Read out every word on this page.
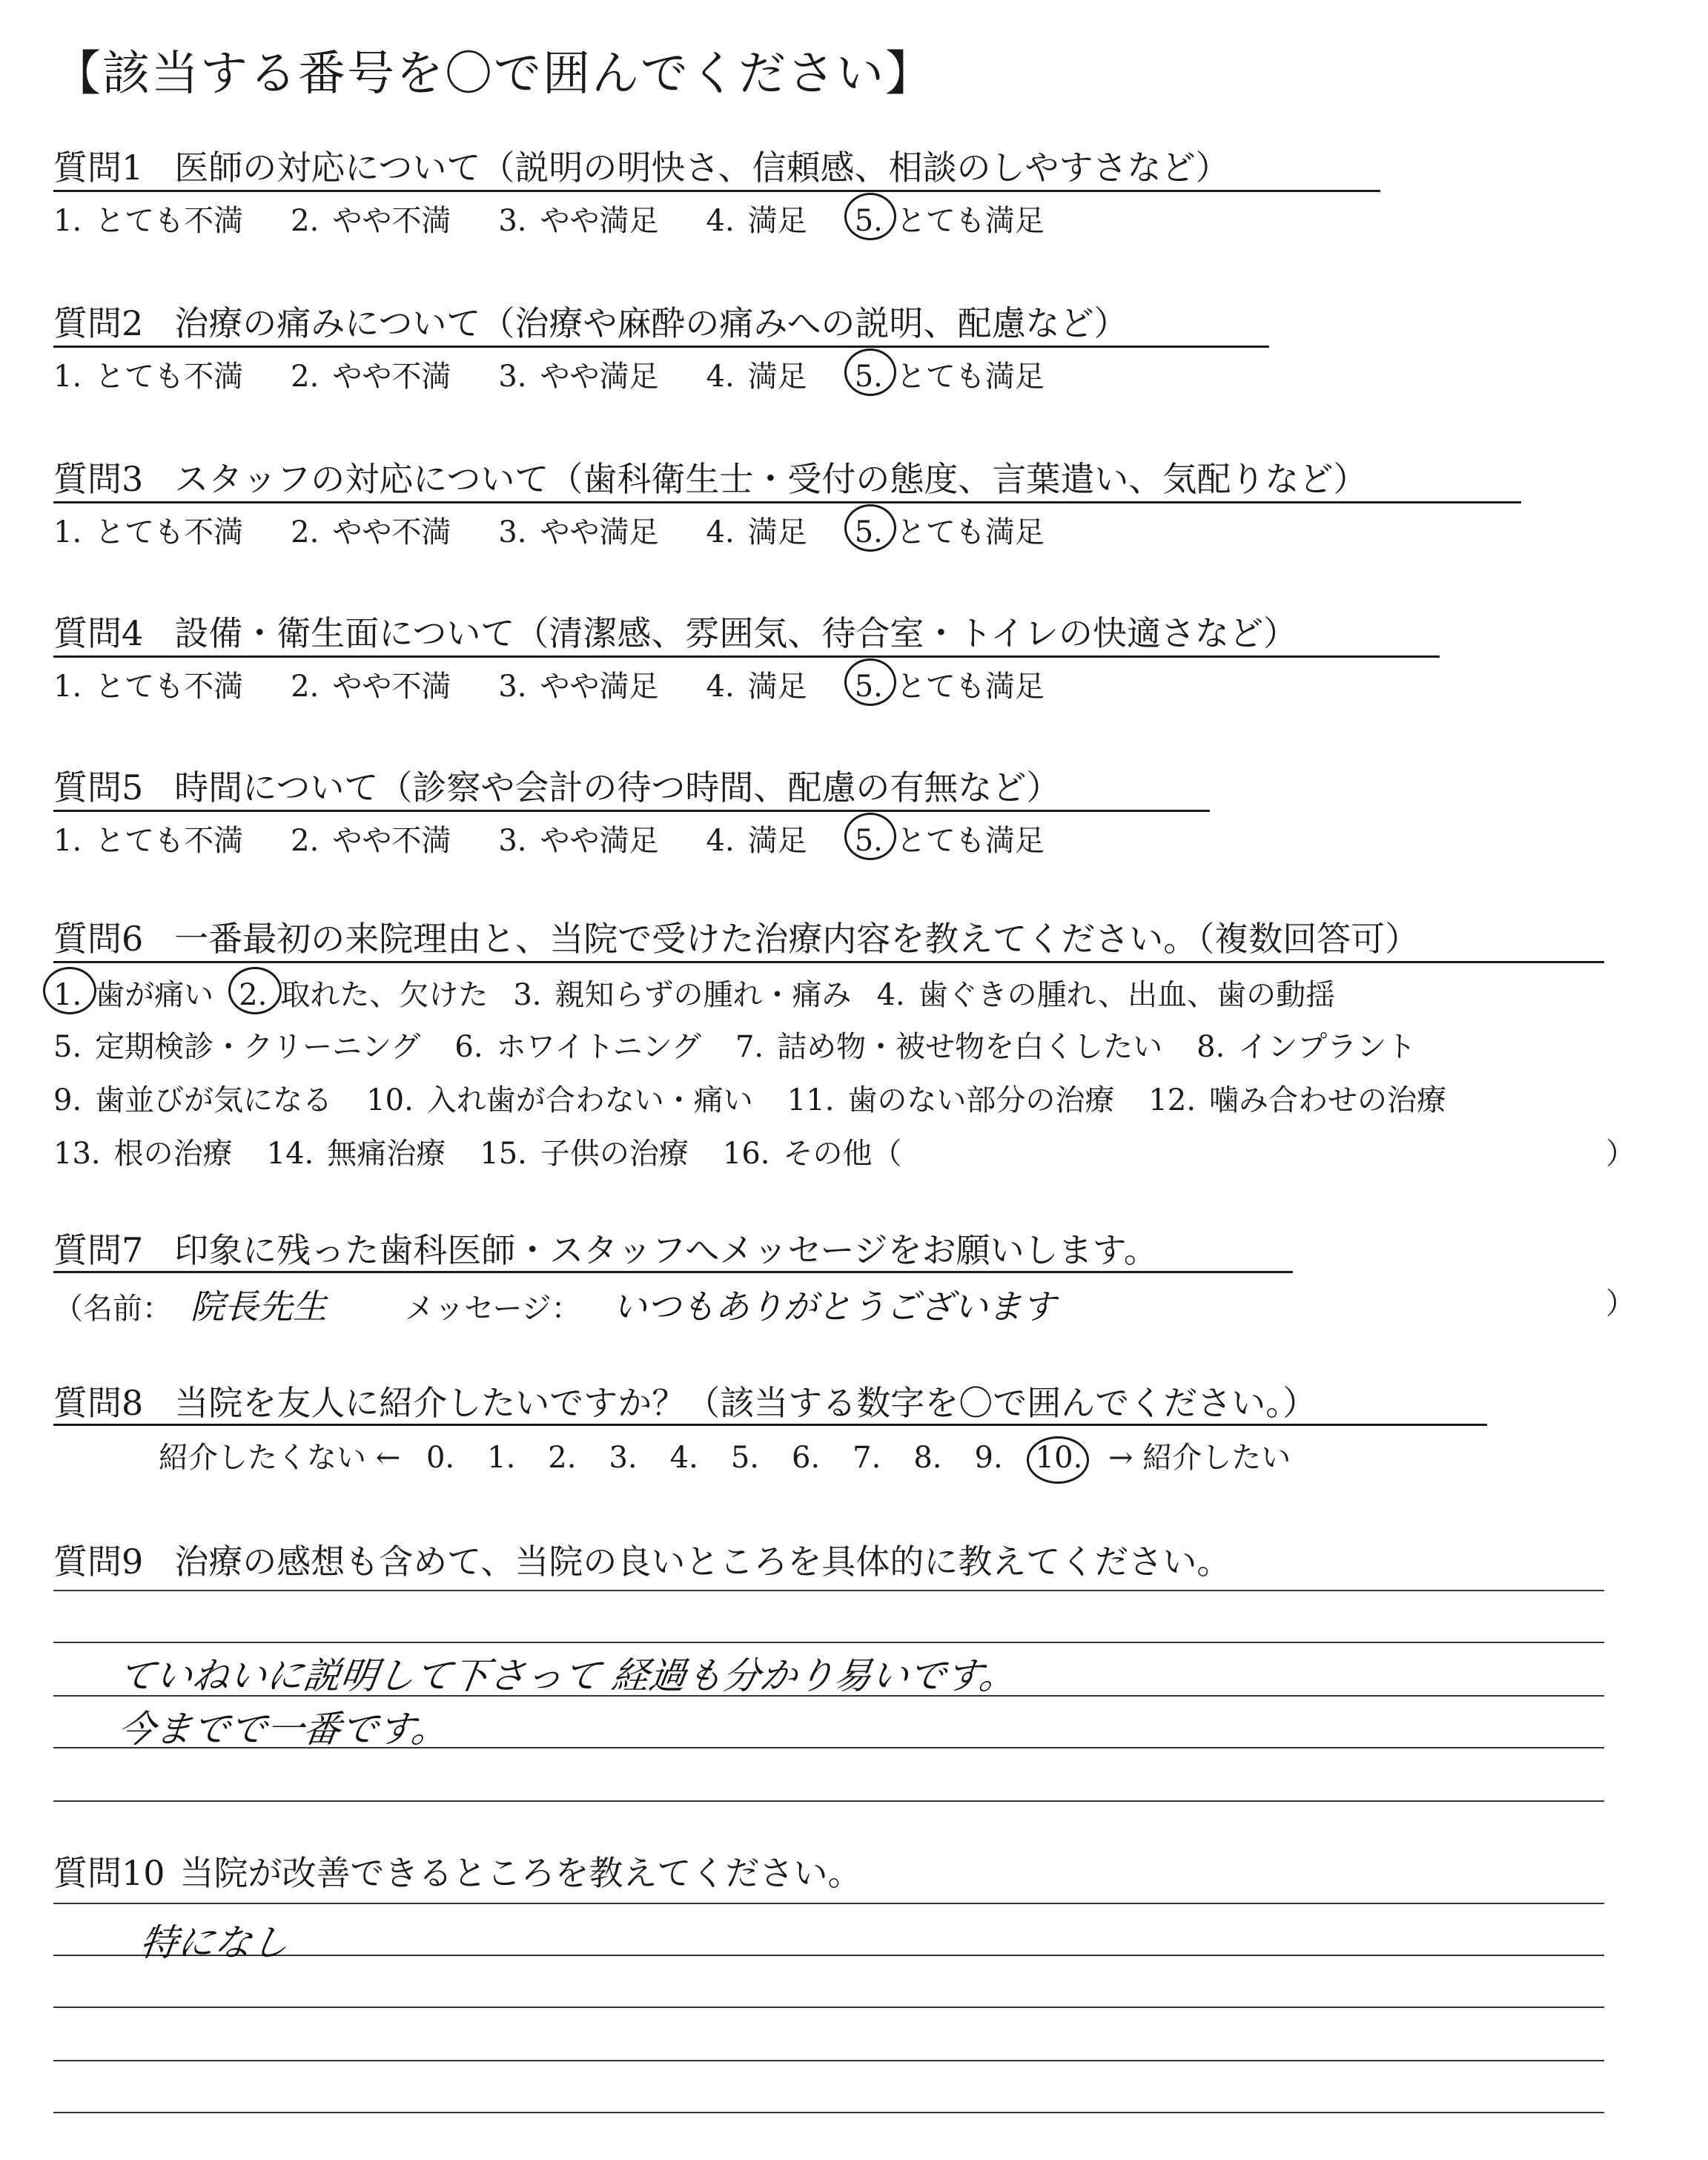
【該当する番号を〇で囲んでください】
質問1 医師の対応について（説明の明快さ、信頼感、相談のしやすさなど）
1. とても不満 2. やや不満 3. やや満足 4. 満足 5. とても満足
質問2 治療の痛みについて（治療や麻酔の痛みへの説明、配慮など）
1. とても不満 2. やや不満 3. やや満足 4. 満足 5. とても満足
質問3 スタッフの対応について（歯科衛生士・受付の態度、言葉遣い、気配りなど）
1. とても不満 2. やや不満 3. やや満足 4. 満足 5. とても満足
質問4 設備・衛生面について（清潔感、雰囲気、待合室・トイレの快適さなど）
1. とても不満 2. やや不満 3. やや満足 4. 満足 5. とても満足
質問5 時間について（診察や会計の待つ時間、配慮の有無など）
1. とても不満 2. やや不満 3. やや満足 4. 満足 5. とても満足
質問6 一番最初の来院理由と、当院で受けた治療内容を教えてください。（複数回答可）
1. 歯が痛い 2. 取れた、欠けた 3. 親知らずの腫れ・痛み 4. 歯ぐきの腫れ、出血、歯の動揺
5. 定期検診・クリーニング 6. ホワイトニング 7. 詰め物・被せ物を白くしたい 8. インプラント
9. 歯並びが気になる 10. 入れ歯が合わない・痛い 11. 歯のない部分の治療 12. 噛み合わせの治療
13. 根の治療 14. 無痛治療 15. 子供の治療 16. その他（	）
質問7 印象に残った歯科医師・スタッフへメッセージをお願いします。
（名前： 院長先生	メッセージ： いつもありがとうございます	）
質問8 当院を友人に紹介したいですか？（該当する数字を〇で囲んでください。）
紹介したくない ← 0. 1. 2. 3. 4. 5. 6. 7. 8. 9. 10. → 紹介したい
質問9 治療の感想も含めて、当院の良いところを具体的に教えてください。
ていねいに説明して下さって 経過も分かり易いです。
今までで一番です。
質問10 当院が改善できるところを教えてください。
特になし
